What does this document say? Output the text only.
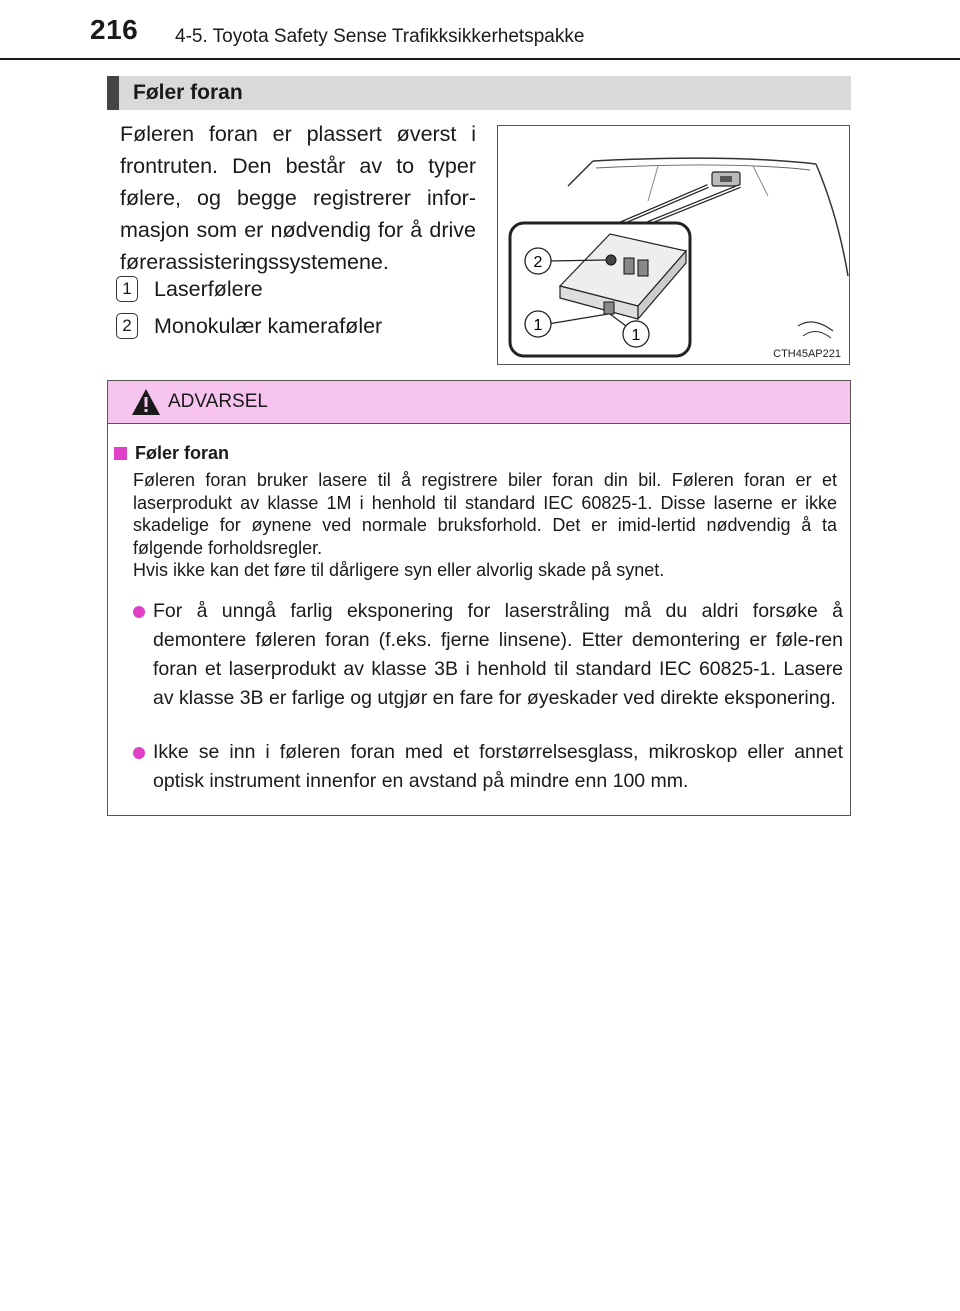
216 4-5. Toyota Safety Sense Trafikksikkerhetspakke
Føler foran
Føleren foran er plassert øverst i frontruten. Den består av to typer følere, og begge registrerer infor-masjon som er nødvendig for å drive førerassisteringssystemene.
1 Laserfølere
2 Monokulær kameraføler
2
1
1
CTH45AP221
ADVARSEL
Føler foran

Føleren foran bruker lasere til å registrere biler foran din bil. Føleren foran er et laserprodukt av klasse 1M i henhold til standard IEC 60825-1. Disse laserne er ikke skadelige for øynene ved normale bruksforhold. Det er imid-lertid nødvendig å ta følgende forholdsregler.

Hvis ikke kan det føre til dårligere syn eller alvorlig skade på synet.

For å unngå farlig eksponering for laserstråling må du aldri forsøke å demontere føleren foran (f.eks. fjerne linsene). Etter demontering er føle-ren foran et laserprodukt av klasse 3B i henhold til standard IEC 60825-1. Lasere av klasse 3B er farlige og utgjør en fare for øyeskader ved direkte eksponering.
Ikke se inn i føleren foran med et forstørrelsesglass, mikroskop eller annet optisk instrument innenfor en avstand på mindre enn 100 mm.
